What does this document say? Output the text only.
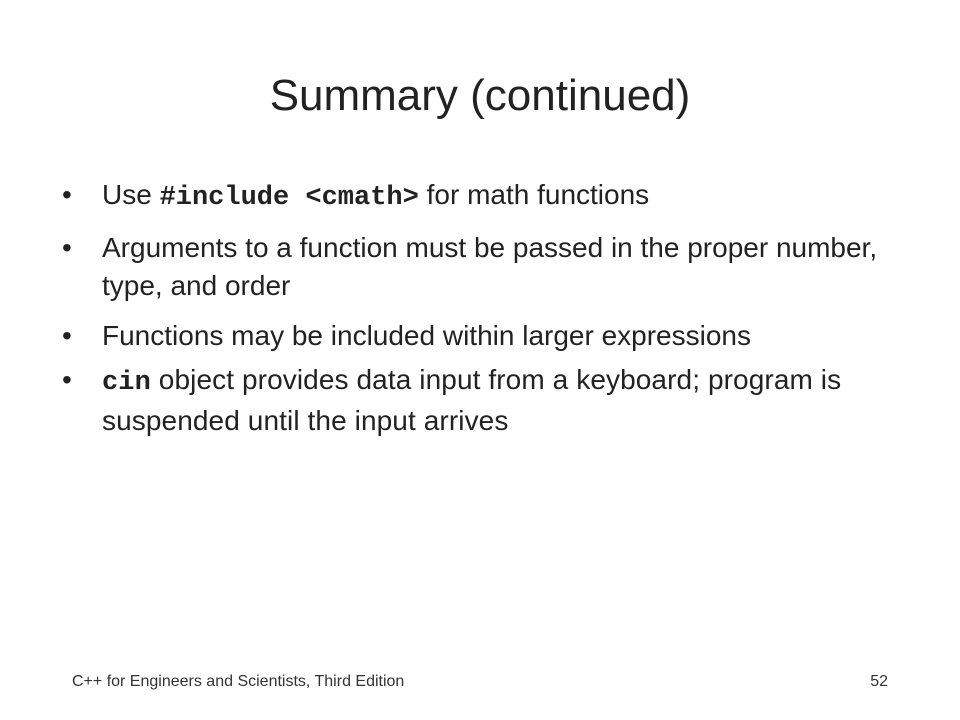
Summary (continued)
• Use #include <cmath> for math functions
• Arguments to a function must be passed in the proper number, type, and order
• Functions may be included within larger expressions
• cin object provides data input from a keyboard; program is suspended until the input arrives
C++ for Engineers and Scientists, Third Edition	52
